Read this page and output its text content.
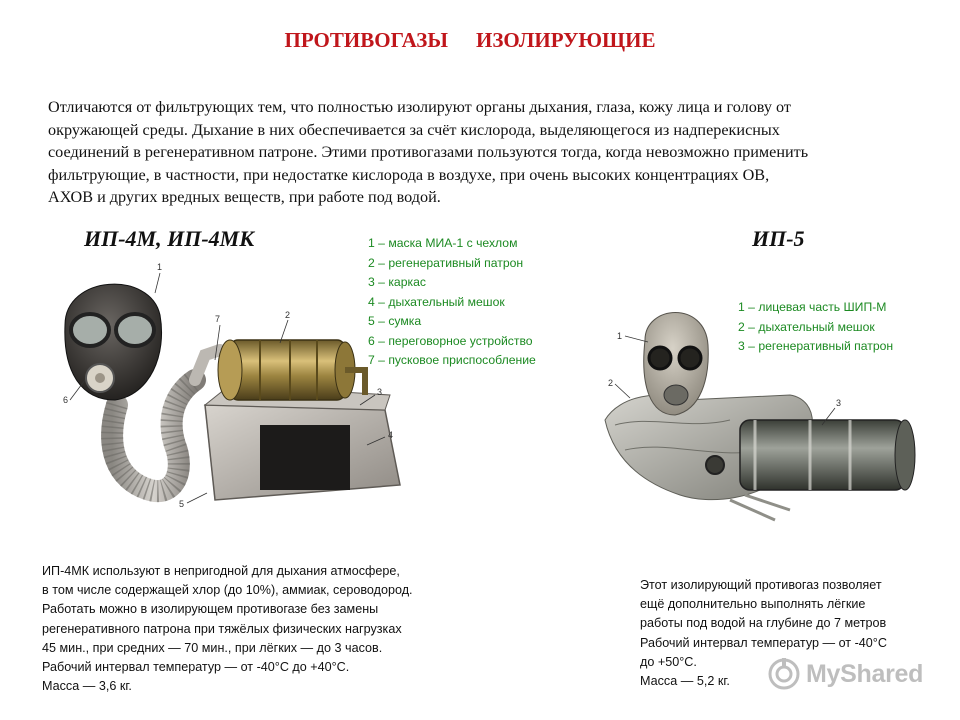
ПРОТИВОГАЗЫ ИЗОЛИРУЮЩИЕ
Отличаются от фильтрующих тем, что полностью изолируют органы дыхания, глаза, кожу лица и голову от
окружающей среды. Дыхание в них обеспечивается за счёт кислорода, выделяющегося из надперекисных
соединений в регенеративном патроне. Этими противогазами пользуются тогда, когда невозможно применить
фильтрующие, в частности, при недостатке кислорода в воздухе, при очень высоких концентрациях ОВ,
АХОВ и других вредных веществ, при работе под водой.
ИП-4М, ИП-4МК	1 – маска МИА-1 с чехлом
2 – регенеративный патрон
3 – каркас
4 – дыхательный мешок
5 – сумка
6 – переговорное устройство
7 – пусковое приспособление
1
7	2
6
3
4
5
ИП-4МК используют в непригодной для дыхания атмосфере,
в том числе содержащей хлор (до 10%), аммиак, сероводород.
Работать можно в изолирующем противогазе без замены
регенеративного патрона при тяжёлых физических нагрузках
45 мин., при средних — 70 мин., при лёгких — до 3 часов.
Рабочий интервал температур — от -40°С до +40°С.
Масса — 3,6 кг.
ИП-5
1 – лицевая часть ШИП-М
2 – дыхательный мешок
3 – регенеративный патрон
1
2
3
Этот изолирующий противогаз позволяет
ещё дополнительно выполнять лёгкие
работы под водой на глубине до 7 метров
Рабочий интервал температур — от -40°С
до +50°С.
Масса — 5,2 кг.	MyShared
